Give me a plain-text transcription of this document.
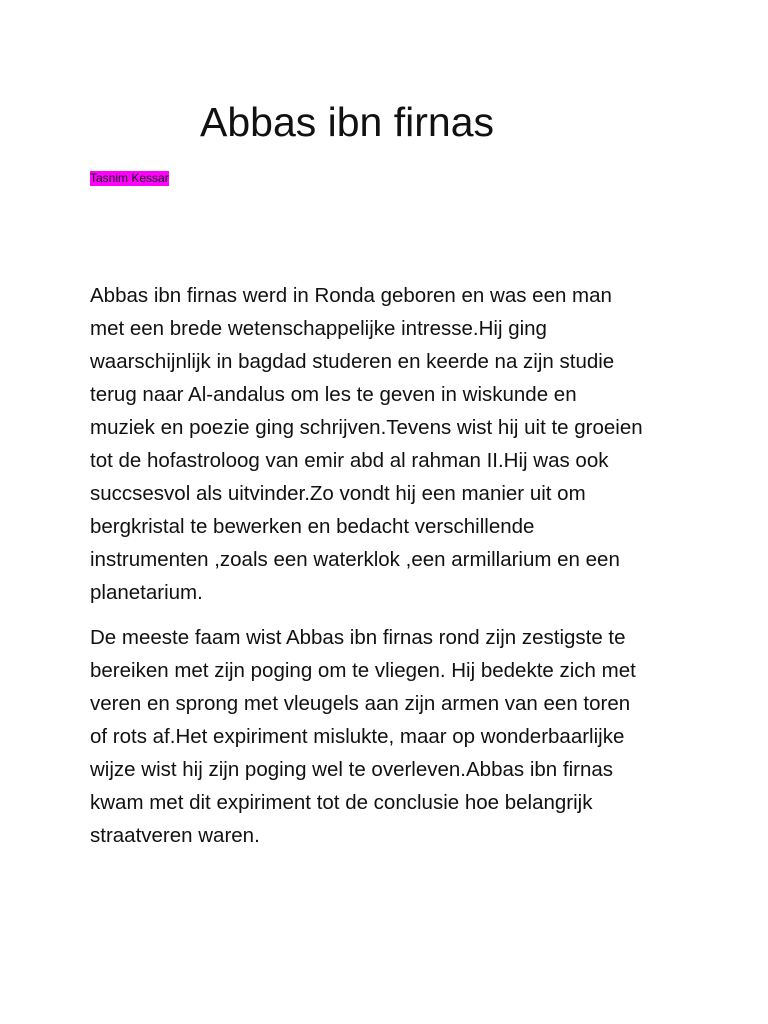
Abbas ibn firnas
Tasnim Kessar

Abbas ibn firnas werd in Ronda geboren en was een man
met een brede wetenschappelijke intresse.Hij ging
waarschijnlijk in bagdad studeren en keerde na zijn studie
terug naar Al-andalus om les te geven in wiskunde en
muziek en poezie ging schrijven.Tevens wist hij uit te groeien
tot de hofastroloog van emir abd al rahman II.Hij was ook
succsesvol als uitvinder.Zo vondt hij een manier uit om
bergkristal te bewerken en bedacht verschillende
instrumenten ,zoals een waterklok ,een armillarium en een
planetarium.

De meeste faam wist Abbas ibn firnas rond zijn zestigste te
bereiken met zijn poging om te vliegen. Hij bedekte zich met
veren en sprong met vleugels aan zijn armen van een toren
of rots af.Het expiriment mislukte, maar op wonderbaarlijke
wijze wist hij zijn poging wel te overleven.Abbas ibn firnas
kwam met dit expiriment tot de conclusie hoe belangrijk
straatveren waren.
